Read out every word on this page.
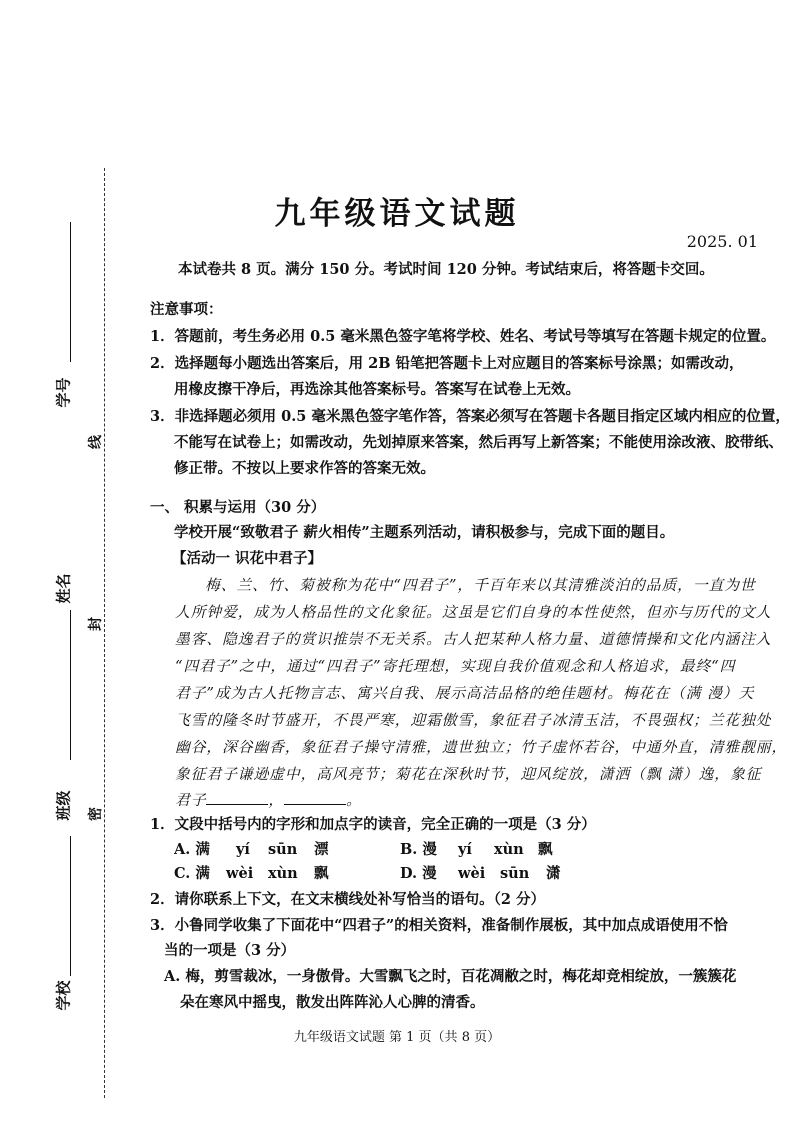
学号
姓名
班级
学校
线
封
密
九年级语文试题
2025. 01
本试卷共 8 页。满分 150 分。考试时间 120 分钟。考试结束后，将答题卡交回。
注意事项：
1．答题前，考生务必用 0.5 毫米黑色签字笔将学校、姓名、考试号等填写在答题卡规定的位置。
2．选择题每小题选出答案后，用 2B 铅笔把答题卡上对应题目的答案标号涂黑；如需改动，
用橡皮擦干净后，再选涂其他答案标号。答案写在试卷上无效。
3．非选择题必须用 0.5 毫米黑色签字笔作答，答案必须写在答题卡各题目指定区域内相应的位置，
不能写在试卷上；如需改动，先划掉原来答案，然后再写上新答案；不能使用涂改液、胶带纸、
修正带。不按以上要求作答的答案无效。
一、 积累与运用（30 分）
学校开展“致敬君子 薪火相传”主题系列活动，请积极参与，完成下面的题目。
【活动一 识花中君子】
梅、兰、竹、菊被称为花中“四君子”，千百年来以其清雅淡泊的品质，一直为世
人所钟爱，成为人格品性的文化象征。这虽是它们自身的本性使然，但亦与历代的文人
墨客、隐逸君子的赏识推崇不无关系。古人把某种人格力量、道德情操和文化内涵注入
“四君子”之中，通过“四君子”寄托理想，实现自我价值观念和人格追求，最终“四
君子”成为古人托物言志、寓兴自我、展示高洁品格的绝佳题材。梅花在（满 漫）天
飞雪的隆冬时节盛开，不畏严寒，迎霜傲雪，象征君子冰清玉洁，不畏强权；兰花独处
幽谷，深谷幽香，象征君子操守清雅，遗世独立；竹子虚怀若谷，中通外直，清雅靓丽，
象征君子谦逊虚中，高风亮节；菊花在深秋时节，迎风绽放，潇洒（飘 潇）逸，象征
君子	，	。
1．文段中括号内的字形和加点字的读音，完全正确的一项是（3 分）
A. 满 yí sūn 漂	B. 漫 yí xùn 飘
C. 满 wèi xùn 飘	D. 漫 wèi sūn 潇
2．请你联系上下文，在文末横线处补写恰当的语句。（2 分）
3．小鲁同学收集了下面花中“四君子”的相关资料，准备制作展板，其中加点成语使用不恰
当的一项是（3 分）
A. 梅，剪雪裁冰，一身傲骨。大雪飘飞之时，百花凋敝之时，梅花却竞相绽放，一簇簇花
朵在寒风中摇曳，散发出阵阵沁人心脾的清香。
九年级语文试题 第 1 页（共 8 页）
